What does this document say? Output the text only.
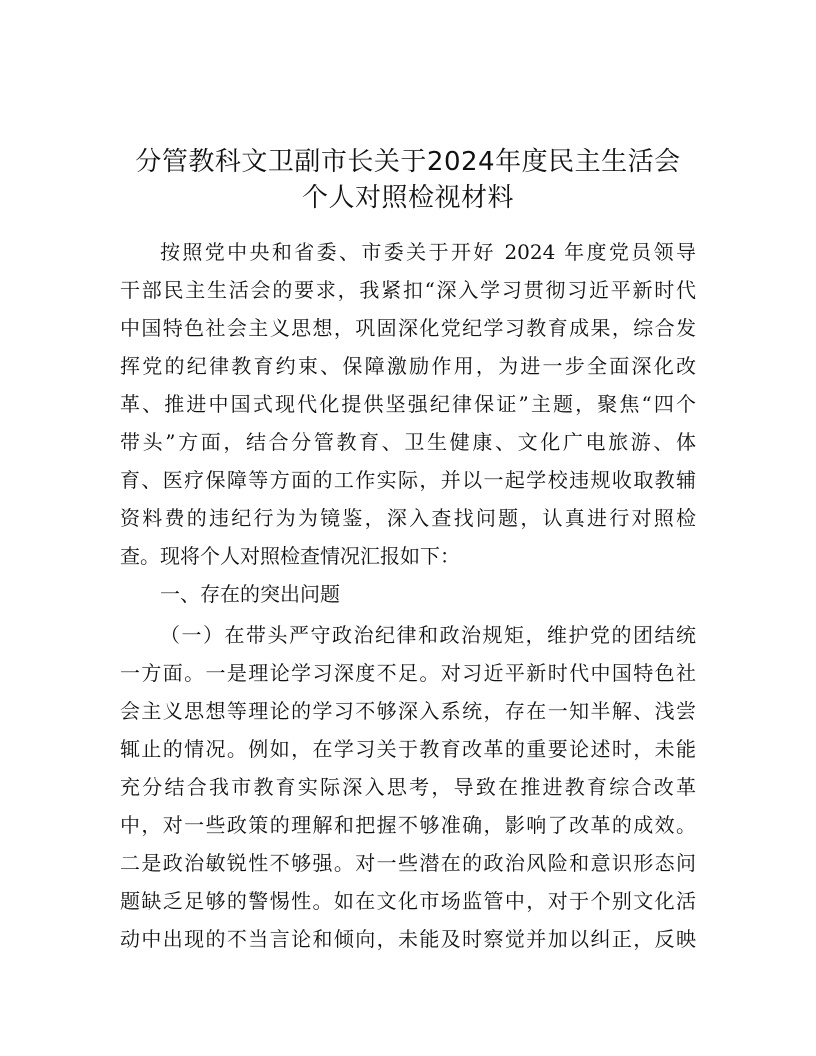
分管教科文卫副市长关于2024年度民主生活会
个人对照检视材料
按照党中央和省委、市委关于开好 2024 年度党员领导
干部民主生活会的要求，我紧扣“深入学习贯彻习近平新时代
中国特色社会主义思想，巩固深化党纪学习教育成果，综合发
挥党的纪律教育约束、保障激励作用，为进一步全面深化改
革、推进中国式现代化提供坚强纪律保证”主题，聚焦“四个
带头”方面，结合分管教育、卫生健康、文化广电旅游、体
育、医疗保障等方面的工作实际，并以一起学校违规收取教辅
资料费的违纪行为为镜鉴，深入查找问题，认真进行对照检
查。现将个人对照检查情况汇报如下：
一、存在的突出问题
（一）在带头严守政治纪律和政治规矩，维护党的团结统
一方面。一是理论学习深度不足。对习近平新时代中国特色社
会主义思想等理论的学习不够深入系统，存在一知半解、浅尝
辄止的情况。例如，在学习关于教育改革的重要论述时，未能
充分结合我市教育实际深入思考，导致在推进教育综合改革
中，对一些政策的理解和把握不够准确，影响了改革的成效。
二是政治敏锐性不够强。对一些潜在的政治风险和意识形态问
题缺乏足够的警惕性。如在文化市场监管中，对于个别文化活
动中出现的不当言论和倾向，未能及时察觉并加以纠正，反映
